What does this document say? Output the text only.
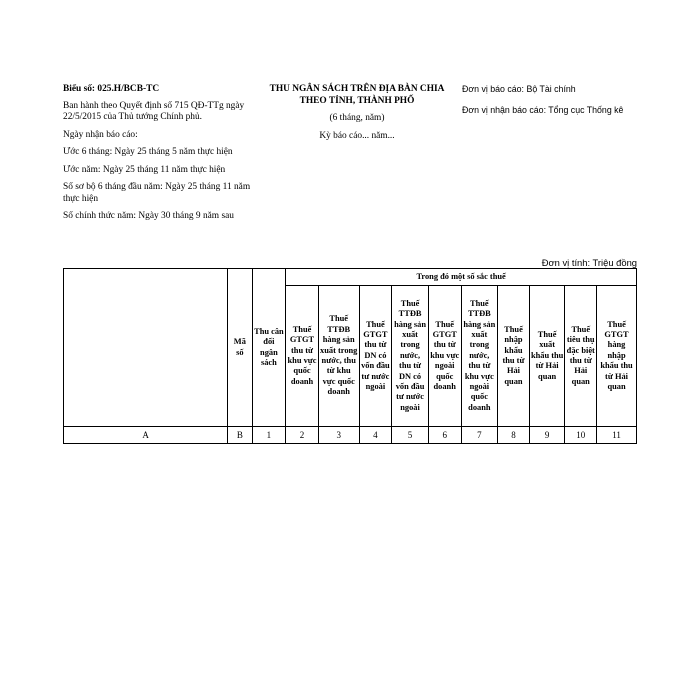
Biểu số: 025.H/BCB-TC
Ban hành theo Quyết định số 715 QĐ-TTg ngày 22/5/2015 của Thủ tướng Chính phủ.
Ngày nhận báo cáo:
Ước 6 tháng: Ngày 25 tháng 5 năm thực hiện
Ước năm: Ngày 25 tháng 11 năm thực hiện
Số sơ bộ 6 tháng đầu năm: Ngày 25 tháng 11 năm thực hiện
Số chính thức năm: Ngày 30 tháng 9 năm sau
THU NGÂN SÁCH TRÊN ĐỊA BÀN CHIA
THEO TỈNH, THÀNH PHỐ
(6 tháng, năm)
Kỳ báo cáo... năm...
Đơn vị báo cáo: Bộ Tài chính
Đơn vị nhận báo cáo: Tổng cục Thống kê
Đơn vị tính: Triệu đồng
	Mã số	Thu cân đối ngân sách	Trong đó một số sắc thuế									
			Thuế GTGT thu từ khu vực quốc doanh	Thuế TTĐB hàng sản xuất trong nước, thu từ khu vực quốc doanh	Thuế GTGT thu từ DN có vốn đầu tư nước ngoài	Thuế TTĐB hàng sản xuất trong nước, thu từ DN có vốn đầu tư nước ngoài	Thuế GTGT thu từ khu vực ngoài quốc doanh	Thuế TTĐB hàng sản xuất trong nước, thu từ khu vực ngoài quốc doanh	Thuế nhập khẩu thu từ Hải quan	Thuế xuất khẩu thu từ Hải quan	Thuế tiêu thụ đặc biệt thu từ Hải quan	Thuế GTGT hàng nhập khẩu thu từ Hải quan
A	B	1	2	3	4	5	6	7	8	9	10	11
